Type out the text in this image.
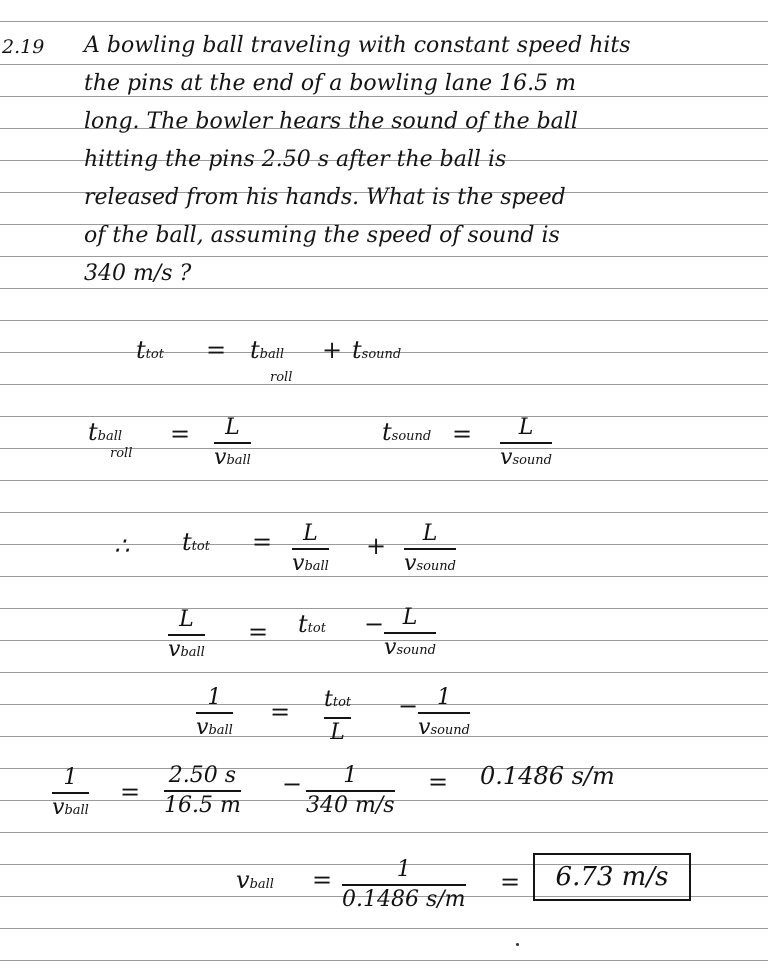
2.19 A bowling ball traveling with constant speed hits
the pins at the end of a bowling lane 16.5 m
long. The bowler hears the sound of the ball
hitting the pins 2.50 s after the ball is
released from his hands. What is the speed
of the ball, assuming the speed of sound is
340 m/s ?
ttot = tball
roll
+ tsound
tball
roll
= L
vball
tsound = L
vsound
∴ ttot = L
vball
+ L
vsound
L
vball
= ttot − L
vsound
1
vball
= ttot
L
− 1
vsound
1
vball
=
2.50 s
16.5 m
− 1
340 m/s
= 0.1486 s/m
vball =	1
0.1486 s/m
= 6.73 m/s
